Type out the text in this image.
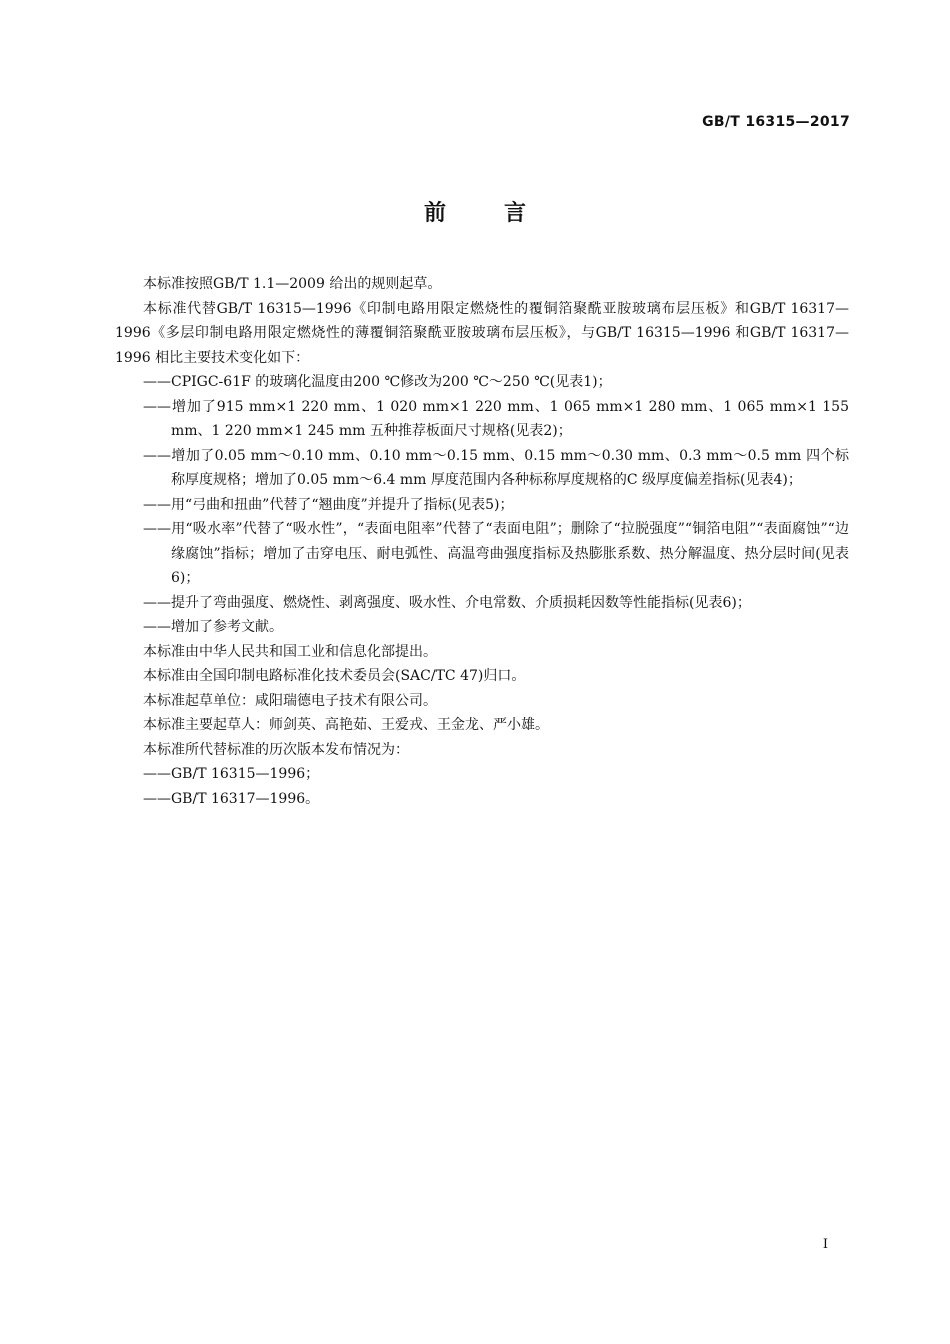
GB/T 16315—2017
前言

本标准按照GB/T 1.1—2009 给出的规则起草。

本标准代替GB/T 16315—1996《印制电路用限定燃烧性的覆铜箔聚酰亚胺玻璃布层压板》和GB/T 16317—1996《多层印制电路用限定燃烧性的薄覆铜箔聚酰亚胺玻璃布层压板》，与GB/T 16315—1996 和GB/T 16317—1996 相比主要技术变化如下：

——CPIGC-61F 的玻璃化温度由200 ℃修改为200 ℃～250 ℃(见表1)；

——增加了915 mm×1 220 mm、1 020 mm×1 220 mm、1 065 mm×1 280 mm、1 065 mm×1 155 mm、1 220 mm×1 245 mm 五种推荐板面尺寸规格(见表2)；

——增加了0.05 mm～0.10 mm、0.10 mm～0.15 mm、0.15 mm～0.30 mm、0.3 mm～0.5 mm 四个标称厚度规格；增加了0.05 mm～6.4 mm 厚度范围内各种标称厚度规格的C 级厚度偏差指标(见表4)；

——用“弓曲和扭曲”代替了“翘曲度”并提升了指标(见表5)；

——用“吸水率”代替了“吸水性”，“表面电阻率”代替了“表面电阻”；删除了“拉脱强度”“铜箔电阻”“表面腐蚀”“边缘腐蚀”指标；增加了击穿电压、耐电弧性、高温弯曲强度指标及热膨胀系数、热分解温度、热分层时间(见表6)；

——提升了弯曲强度、燃烧性、剥离强度、吸水性、介电常数、介质损耗因数等性能指标(见表6)；

——增加了参考文献。

本标准由中华人民共和国工业和信息化部提出。

本标准由全国印制电路标准化技术委员会(SAC/TC 47)归口。

本标准起草单位：咸阳瑞德电子技术有限公司。

本标准主要起草人：师剑英、高艳茹、王爱戎、王金龙、严小雄。

本标准所代替标准的历次版本发布情况为：

——GB/T 16315—1996；

——GB/T 16317—1996。

I
